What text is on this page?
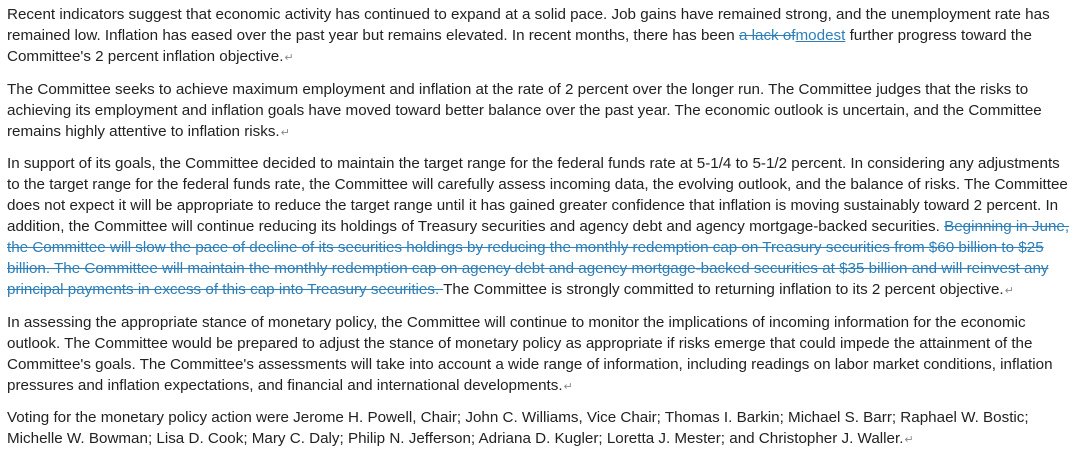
Recent indicators suggest that economic activity has continued to expand at a solid pace. Job gains have remained strong, and the unemployment rate has remained low. Inflation has eased over the past year but remains elevated. In recent months, there has been a lack ofmodest further progress toward the Committee's 2 percent inflation objective.↵

The Committee seeks to achieve maximum employment and inflation at the rate of 2 percent over the longer run. The Committee judges that the risks to achieving its employment and inflation goals have moved toward better balance over the past year. The economic outlook is uncertain, and the Committee remains highly attentive to inflation risks.↵

In support of its goals, the Committee decided to maintain the target range for the federal funds rate at 5-1/4 to 5-1/2 percent. In considering any adjustments to the target range for the federal funds rate, the Committee will carefully assess incoming data, the evolving outlook, and the balance of risks. The Committee does not expect it will be appropriate to reduce the target range until it has gained greater confidence that inflation is moving sustainably toward 2 percent. In addition, the Committee will continue reducing its holdings of Treasury securities and agency debt and agency mortgage-backed securities. Beginning in June, the Committee will slow the pace of decline of its securities holdings by reducing the monthly redemption cap on Treasury securities from $60 billion to $25 billion. The Committee will maintain the monthly redemption cap on agency debt and agency mortgage-backed securities at $35 billion and will reinvest any principal payments in excess of this cap into Treasury securities. The Committee is strongly committed to returning inflation to its 2 percent objective.↵

In assessing the appropriate stance of monetary policy, the Committee will continue to monitor the implications of incoming information for the economic outlook. The Committee would be prepared to adjust the stance of monetary policy as appropriate if risks emerge that could impede the attainment of the Committee's goals. The Committee's assessments will take into account a wide range of information, including readings on labor market conditions, inflation pressures and inflation expectations, and financial and international developments.↵

Voting for the monetary policy action were Jerome H. Powell, Chair; John C. Williams, Vice Chair; Thomas I. Barkin; Michael S. Barr; Raphael W. Bostic; Michelle W. Bowman; Lisa D. Cook; Mary C. Daly; Philip N. Jefferson; Adriana D. Kugler; Loretta J. Mester; and Christopher J. Waller.↵
